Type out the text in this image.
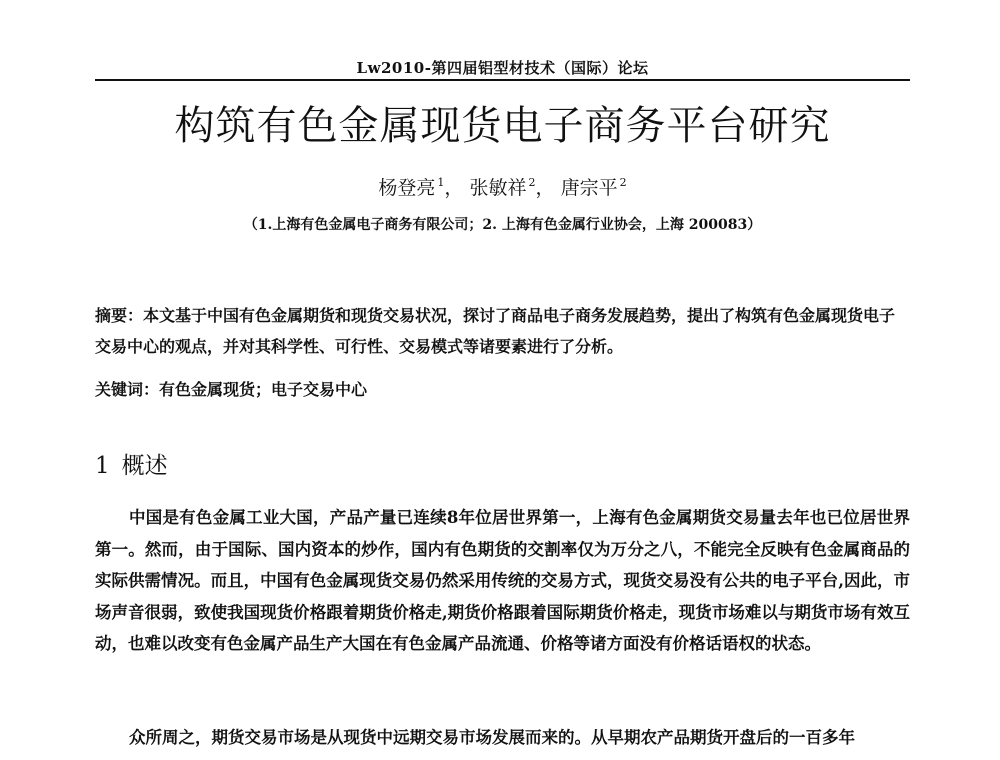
Lw2010-第四届铝型材技术（国际）论坛
构筑有色金属现货电子商务平台研究
杨登亮 $^1$， 张敏祥 $^2$， 唐宗平 $^2$
（1.上海有色金属电子商务有限公司；2. 上海有色金属行业协会，上海 200083）
摘要：本文基于中国有色金属期货和现货交易状况，探讨了商品电子商务发展趋势，提出了构筑有色金属现货电子交易中心的观点，并对其科学性、可行性、交易模式等诸要素进行了分析。
关键词：有色金属现货；电子交易中心
1 概述

中国是有色金属工业大国，产品产量已连续8年位居世界第一，上海有色金属期货交易量去年也已位居世界第一。然而，由于国际、国内资本的炒作，国内有色期货的交割率仅为万分之八，不能完全反映有色金属商品的实际供需情况。而且，中国有色金属现货交易仍然采用传统的交易方式，现货交易没有公共的电子平台,因此，市场声音很弱，致使我国现货价格跟着期货价格走,期货价格跟着国际期货价格走，现货市场难以与期货市场有效互动，也难以改变有色金属产品生产大国在有色金属产品流通、价格等诸方面没有价格话语权的状态。

众所周之，期货交易市场是从现货中远期交易市场发展而来的。从早期农产品期货开盘后的一百多年
